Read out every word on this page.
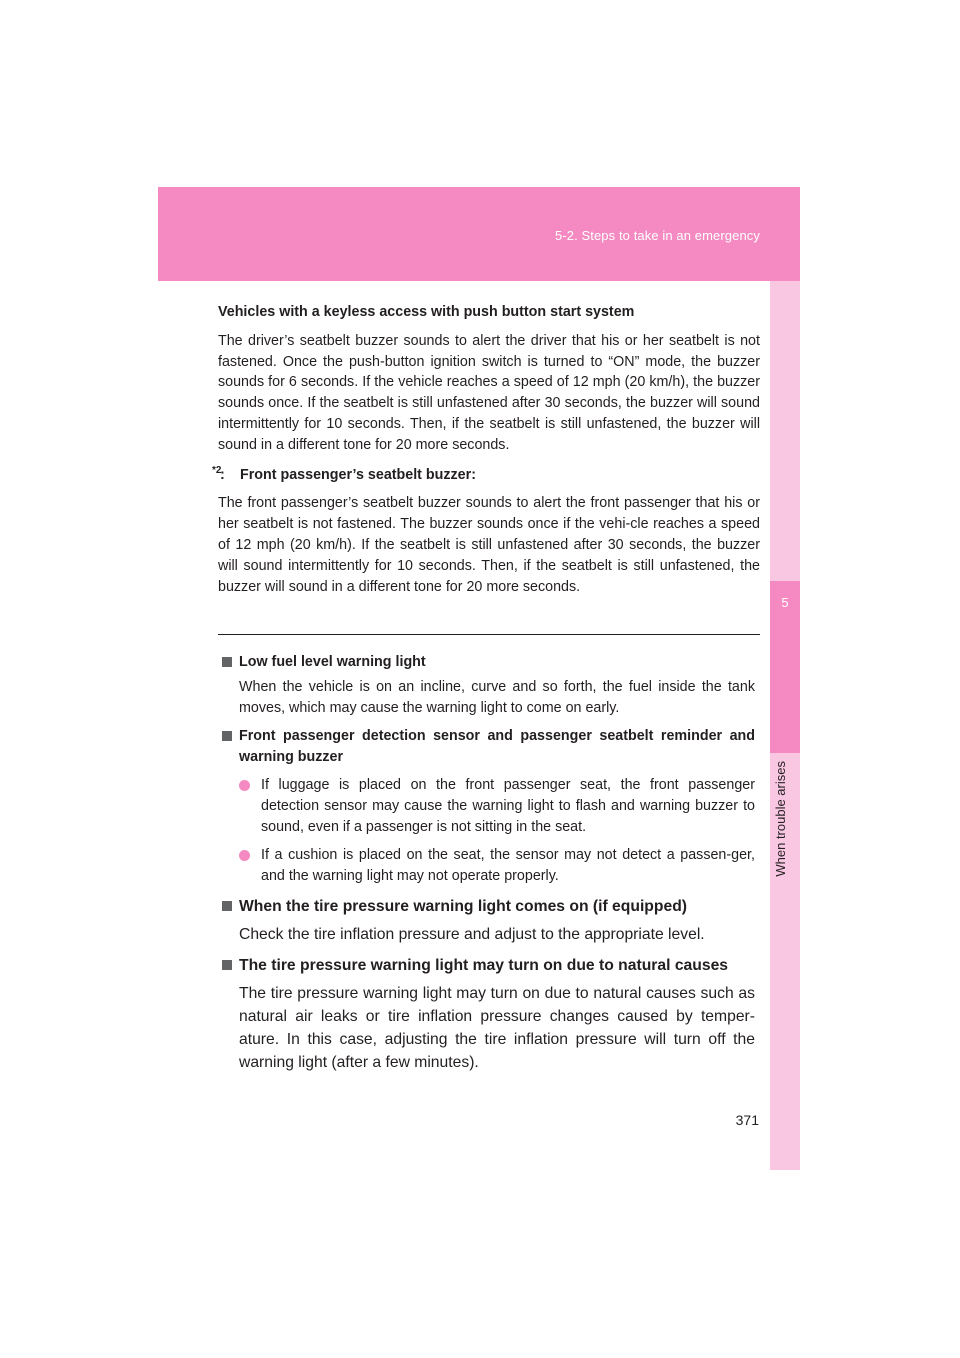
5-2. Steps to take in an emergency
5
When trouble arises

Vehicles with a keyless access with push button start system

The driver’s seatbelt buzzer sounds to alert the driver that his or her seatbelt is not fastened. Once the push-button ignition switch is turned to “ON” mode, the buzzer sounds for 6 seconds. If the vehicle reaches a speed of 12 mph (20 km/h), the buzzer sounds once. If the seatbelt is still unfastened after 30 seconds, the buzzer will sound intermittently for 10 seconds. Then, if the seatbelt is still unfastened, the buzzer will sound in a different tone for 20 more seconds.

*2
: Front passenger’s seatbelt buzzer:

The front passenger’s seatbelt buzzer sounds to alert the front passenger that his or her seatbelt is not fastened. The buzzer sounds once if the vehi-cle reaches a speed of 12 mph (20 km/h). If the seatbelt is still unfastened after 30 seconds, the buzzer will sound intermittently for 10 seconds. Then, if the seatbelt is still unfastened, the buzzer will sound in a different tone for 20 more seconds.

Low fuel level warning light
When the vehicle is on an incline, curve and so forth, the fuel inside the tank moves, which may cause the warning light to come on early.
Front passenger detection sensor and passenger seatbelt reminder and warning buzzer
If luggage is placed on the front passenger seat, the front passenger detection sensor may cause the warning light to flash and warning buzzer to sound, even if a passenger is not sitting in the seat.
If a cushion is placed on the seat, the sensor may not detect a passen-ger, and the warning light may not operate properly.
When the tire pressure warning light comes on (if equipped)
Check the tire inflation pressure and adjust to the appropriate level.
The tire pressure warning light may turn on due to natural causes
The tire pressure warning light may turn on due to natural causes such as natural air leaks or tire inflation pressure changes caused by temper-ature. In this case, adjusting the tire inflation pressure will turn off the warning light (after a few minutes).
371
